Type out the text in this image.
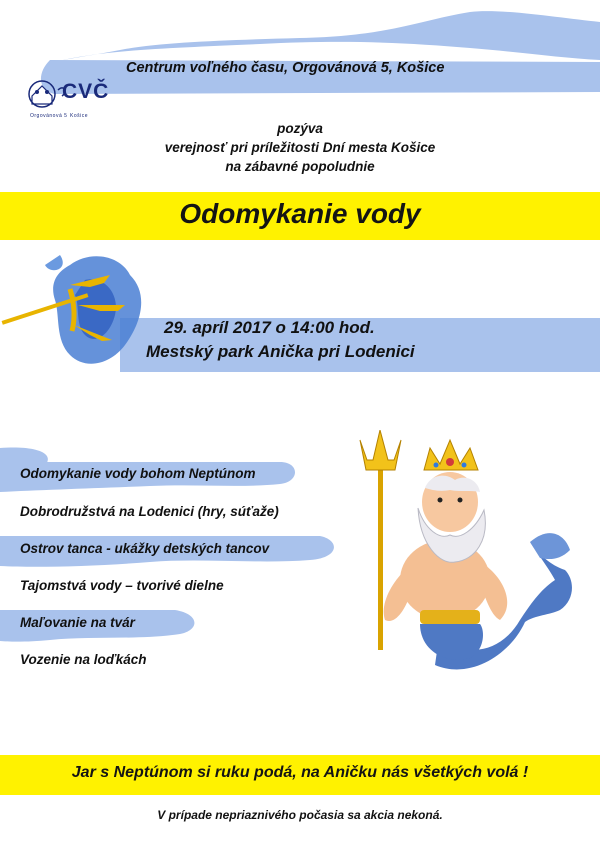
CVČ
Orgovánová 5 Košice
Centrum voľného času, Orgovánová 5, Košice
pozýva
verejnosť pri príležitosti Dní mesta Košice
na zábavné popoludnie
Odomykanie vody
29. apríl 2017 o 14:00 hod.
Mestský park Anička pri Lodenici
Odomykanie vody bohom Neptúnom
Dobrodružstvá na Lodenici (hry, súťaže)
Ostrov tanca - ukážky detských tancov
Tajomstvá vody – tvorivé dielne
Maľovanie na tvár
Vozenie na loďkách
Jar s Neptúnom si ruku podá, na Aničku nás všetkých volá !
V prípade nepriaznivého počasia sa akcia nekoná.
